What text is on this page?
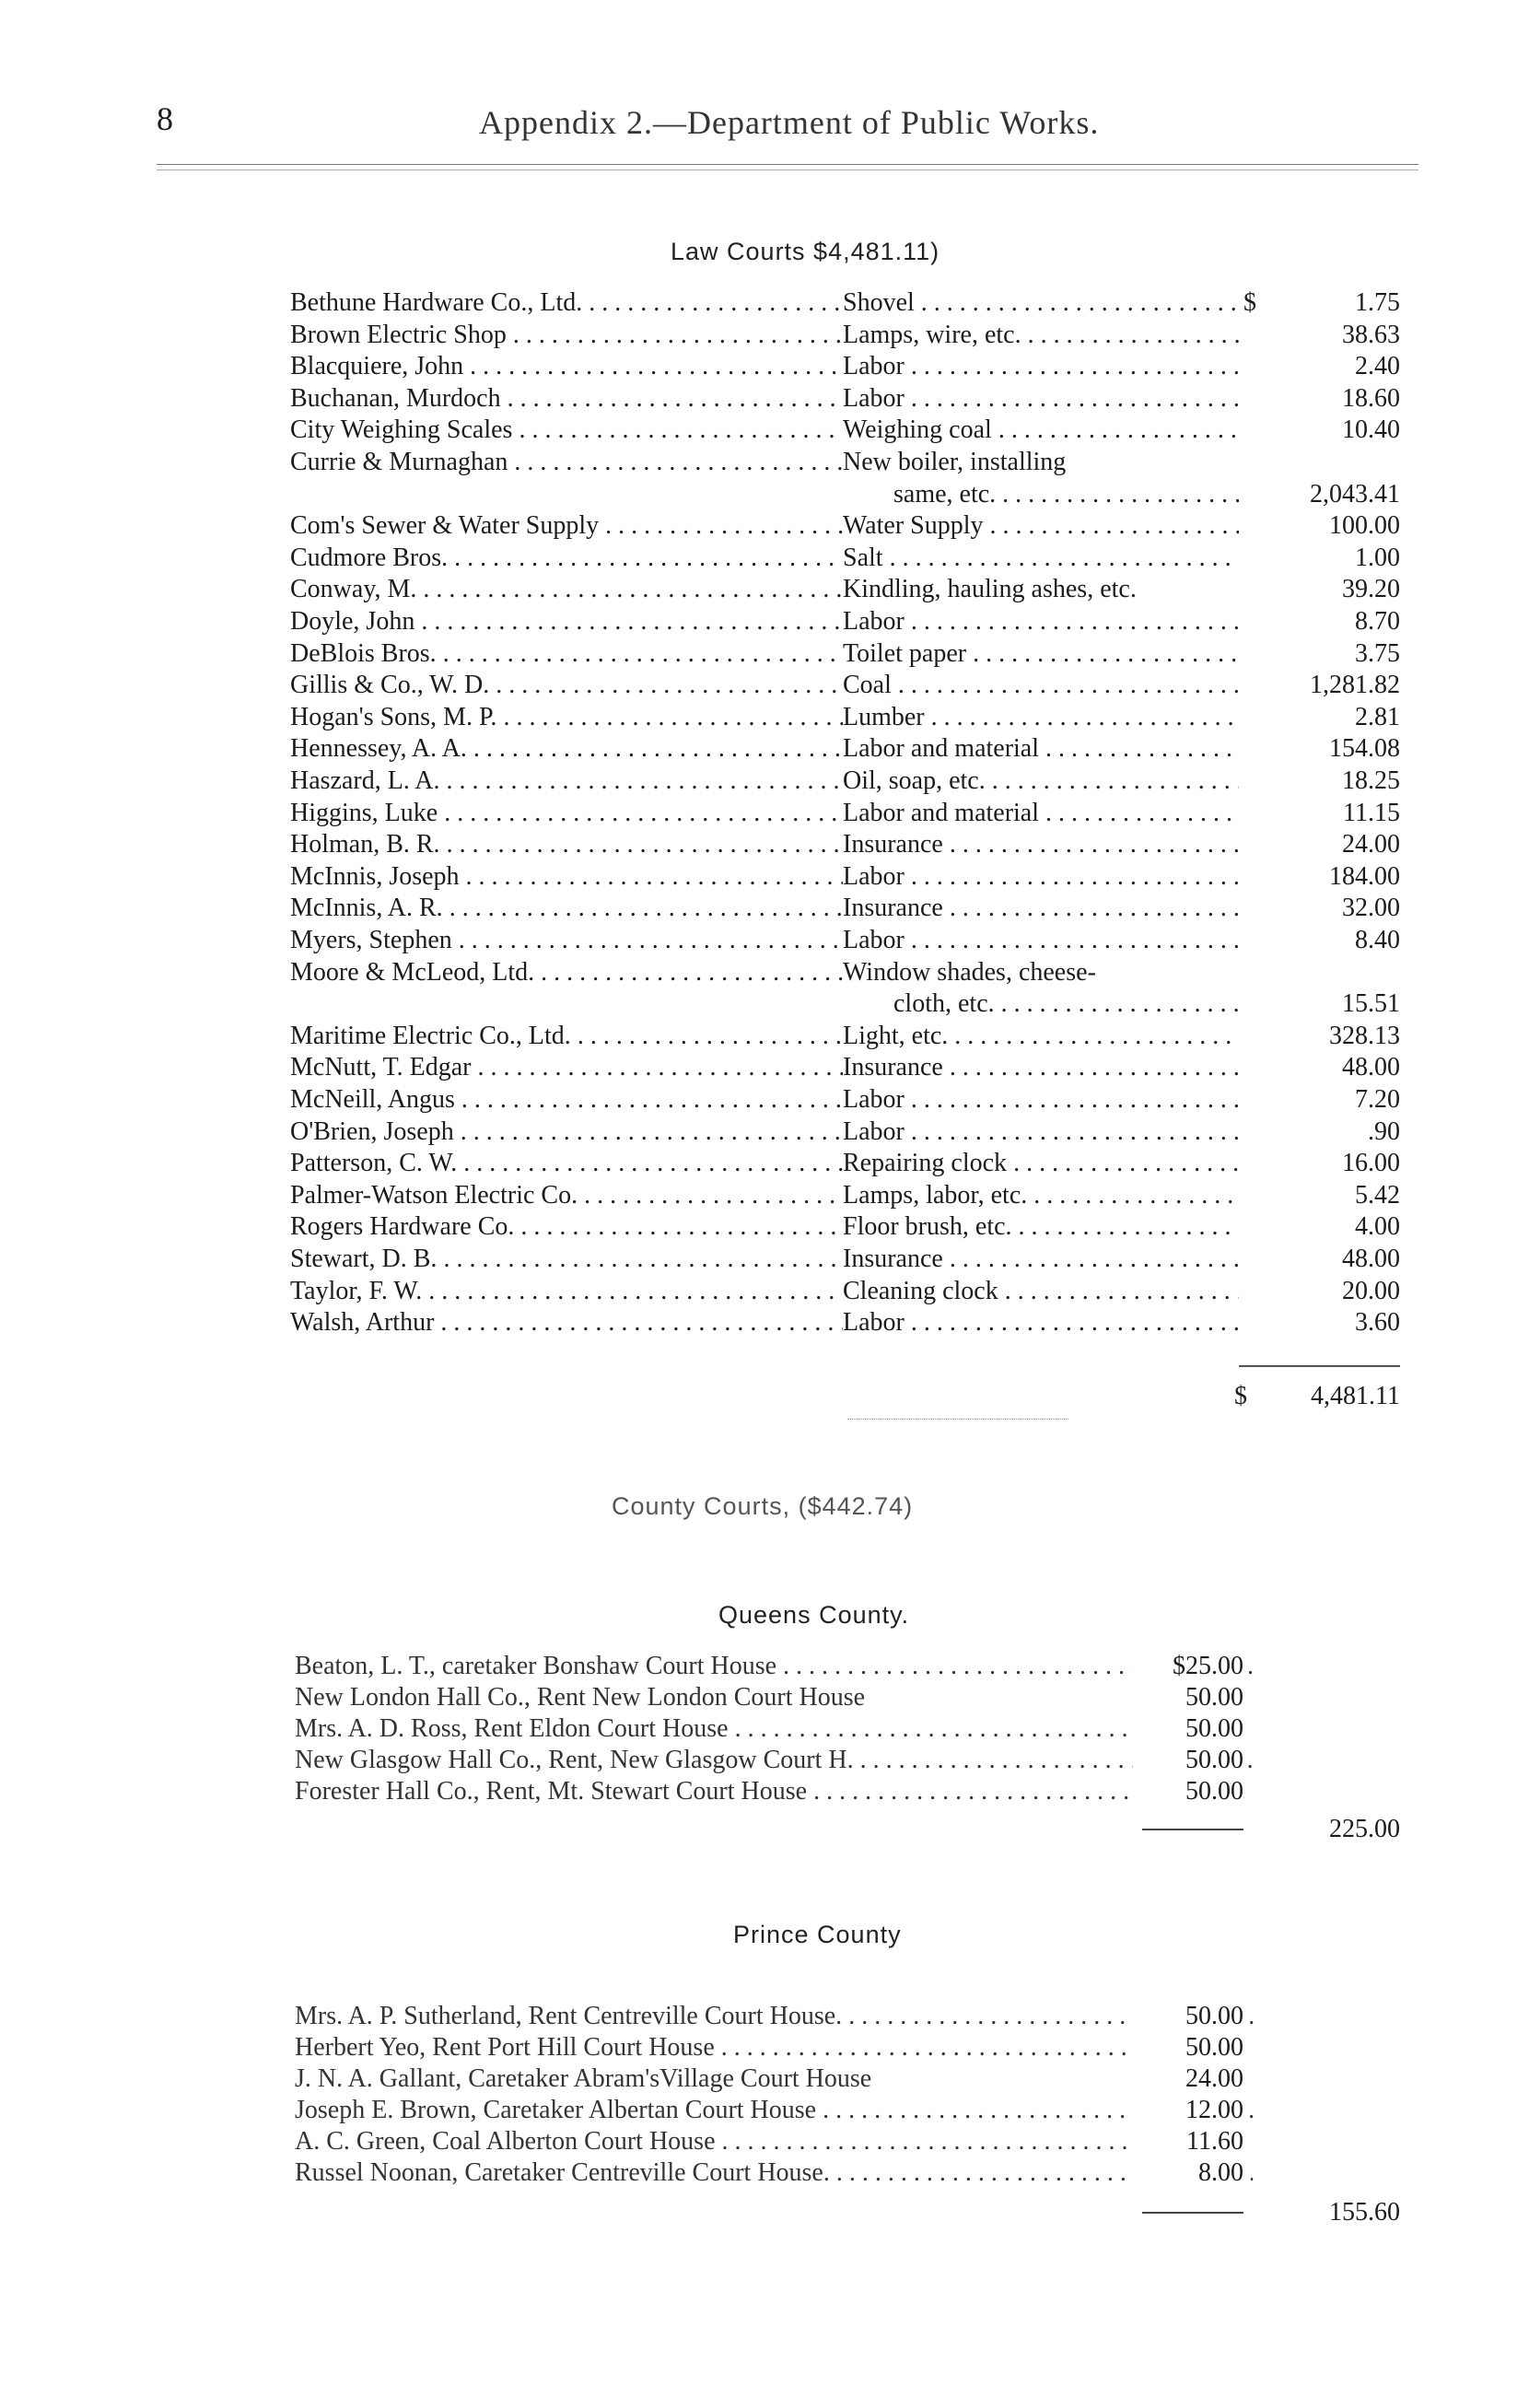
8	Appendix 2.—Department of Public Works.
Law Courts $4,481.11)
Bethune Hardware Co., Ltd. . . .	Shovel . . .	$	1.75
Brown Electric Shop . . .	Lamps, wire, etc. . . .	38.63
Blacquiere, John . . .	Labor . . .	2.40
Buchanan, Murdoch . . .	Labor . . .	18.60
City Weighing Scales . . .	Weighing coal . . .	10.40
Currie & Murnaghan . . .	New boiler, installing
same, etc. . . .	2,043.41
Com's Sewer & Water Supply . . .	Water Supply . . .	100.00
Cudmore Bros. . . .	Salt . . .	1.00
Conway, M. . . .	Kindling, hauling ashes, etc.	39.20
Doyle, John . . .	Labor . . .	8.70
DeBlois Bros. . . .	Toilet paper . . .	3.75
Gillis & Co., W. D. . . .	Coal . . .	1,281.82
Hogan's Sons, M. P. . . .	Lumber . . .	2.81
Hennessey, A. A. . . .	Labor and material . . .	154.08
Haszard, L. A. . . .	Oil, soap, etc. . . .	18.25
Higgins, Luke . . .	Labor and material . . .	11.15
Holman, B. R. . . .	Insurance . . .	24.00
McInnis, Joseph . . .	Labor . . .	184.00
McInnis, A. R. . . .	Insurance . . .	32.00
Myers, Stephen . . .	Labor . . .	8.40
Moore & McLeod, Ltd. . . .	Window shades, cheese-
cloth, etc. . . .	15.51
Maritime Electric Co., Ltd. . . .	Light, etc. . . .	328.13
McNutt, T. Edgar . . .	Insurance . . .	48.00
McNeill, Angus . . .	Labor . . .	7.20
O'Brien, Joseph . . .	Labor . . .	.90
Patterson, C. W. . . .	Repairing clock . . .	16.00
Palmer-Watson Electric Co. . . .	Lamps, labor, etc. . . .	5.42
Rogers Hardware Co. . . .	Floor brush, etc. . . .	4.00
Stewart, D. B. . . .	Insurance . . .	48.00
Taylor, F. W. . . .	Cleaning clock . . .	20.00
Walsh, Arthur . . .	Labor . . .	3.60
$	4,481.11
County Courts, ($442.74)
Queens County.
Beaton, L. T., caretaker Bonshaw Court House . . .	$25.00
New London Hall Co., Rent New London Court House	50.00
Mrs. A. D. Ross, Rent Eldon Court House . . .	50.00
New Glasgow Hall Co., Rent, New Glasgow Court H. . . .	50.00
Forester Hall Co., Rent, Mt. Stewart Court House . . .	50.00
225.00
Prince County
Mrs. A. P. Sutherland, Rent Centreville Court House. . . .	50.00
Herbert Yeo, Rent Port Hill Court House . . .	50.00
J. N. A. Gallant, Caretaker Abram'sVillage Court House	24.00
Joseph E. Brown, Caretaker Albertan Court House . . .	12.00
A. C. Green, Coal Alberton Court House . . .	11.60
Russel Noonan, Caretaker Centreville Court House. . . .	8.00
155.60
